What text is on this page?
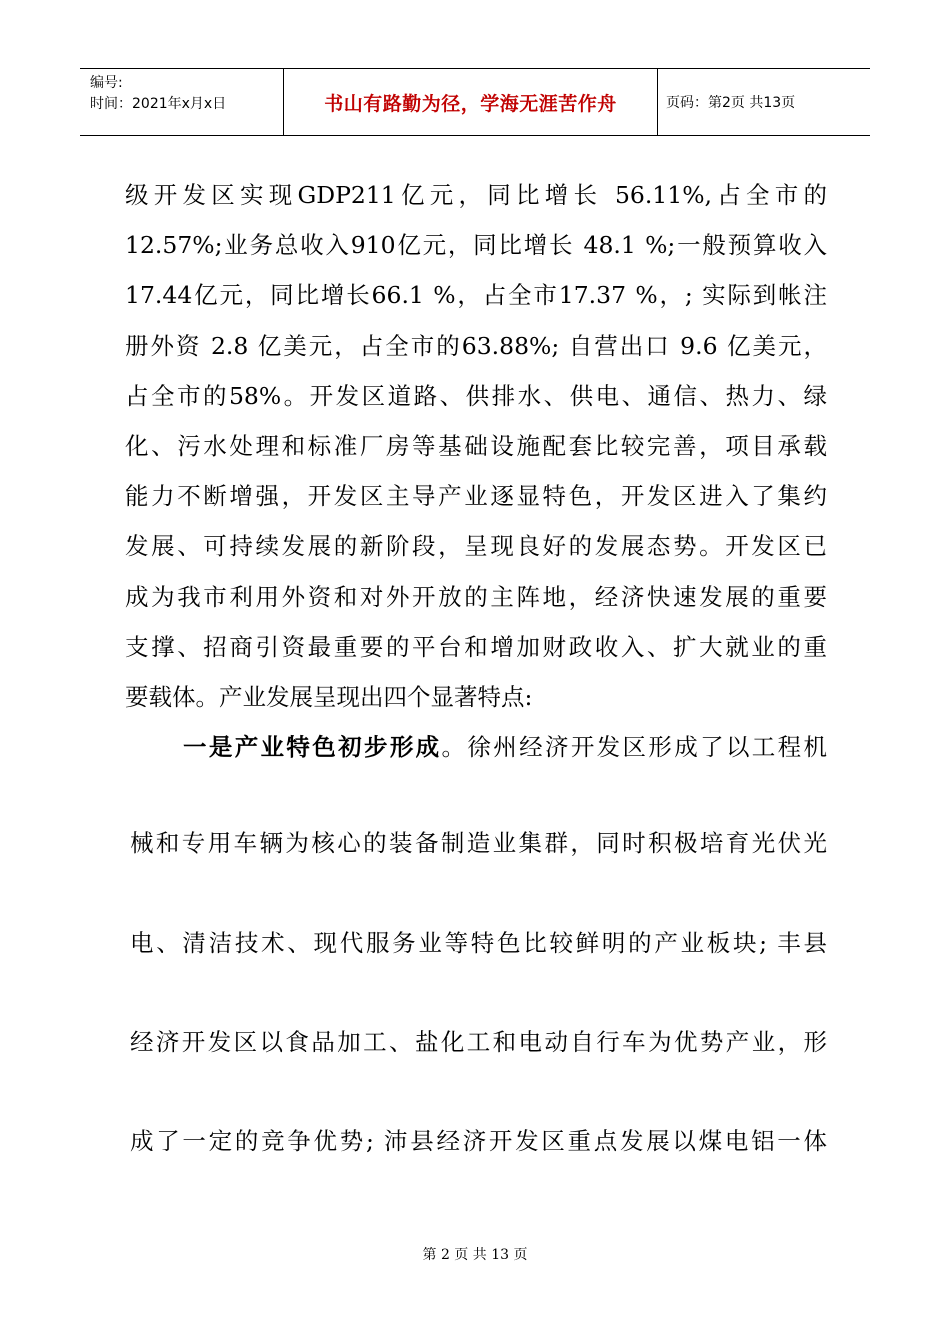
编号:
时间：2021年x月x日	书山有路勤为径，学海无涯苦作舟	页码：第2页 共13页

级开发区实现GDP211亿元，同比增长 56.11%,占全市的

12.57%;业务总收入910亿元，同比增长 48.1 %;一般预算收入

17.44亿元，同比增长66.1 %，占全市17.37 %，; 实际到帐注

册外资 2.8 亿美元，占全市的63.88%; 自营出口 9.6 亿美元，

占全市的58%。开发区道路、供排水、供电、通信、热力、绿

化、污水处理和标准厂房等基础设施配套比较完善，项目承载

能力不断增强，开发区主导产业逐显特色，开发区进入了集约

发展、可持续发展的新阶段，呈现良好的发展态势。开发区已

成为我市利用外资和对外开放的主阵地，经济快速发展的重要

支撑、招商引资最重要的平台和增加财政收入、扩大就业的重

要载体。产业发展呈现出四个显著特点:

一是产业特色初步形成。徐州经济开发区形成了以工程机

械和专用车辆为核心的装备制造业集群，同时积极培育光伏光

电、清洁技术、现代服务业等特色比较鲜明的产业板块; 丰县

经济开发区以食品加工、盐化工和电动自行车为优势产业，形

成了一定的竞争优势; 沛县经济开发区重点发展以煤电铝一体

第 2 页 共 13 页
